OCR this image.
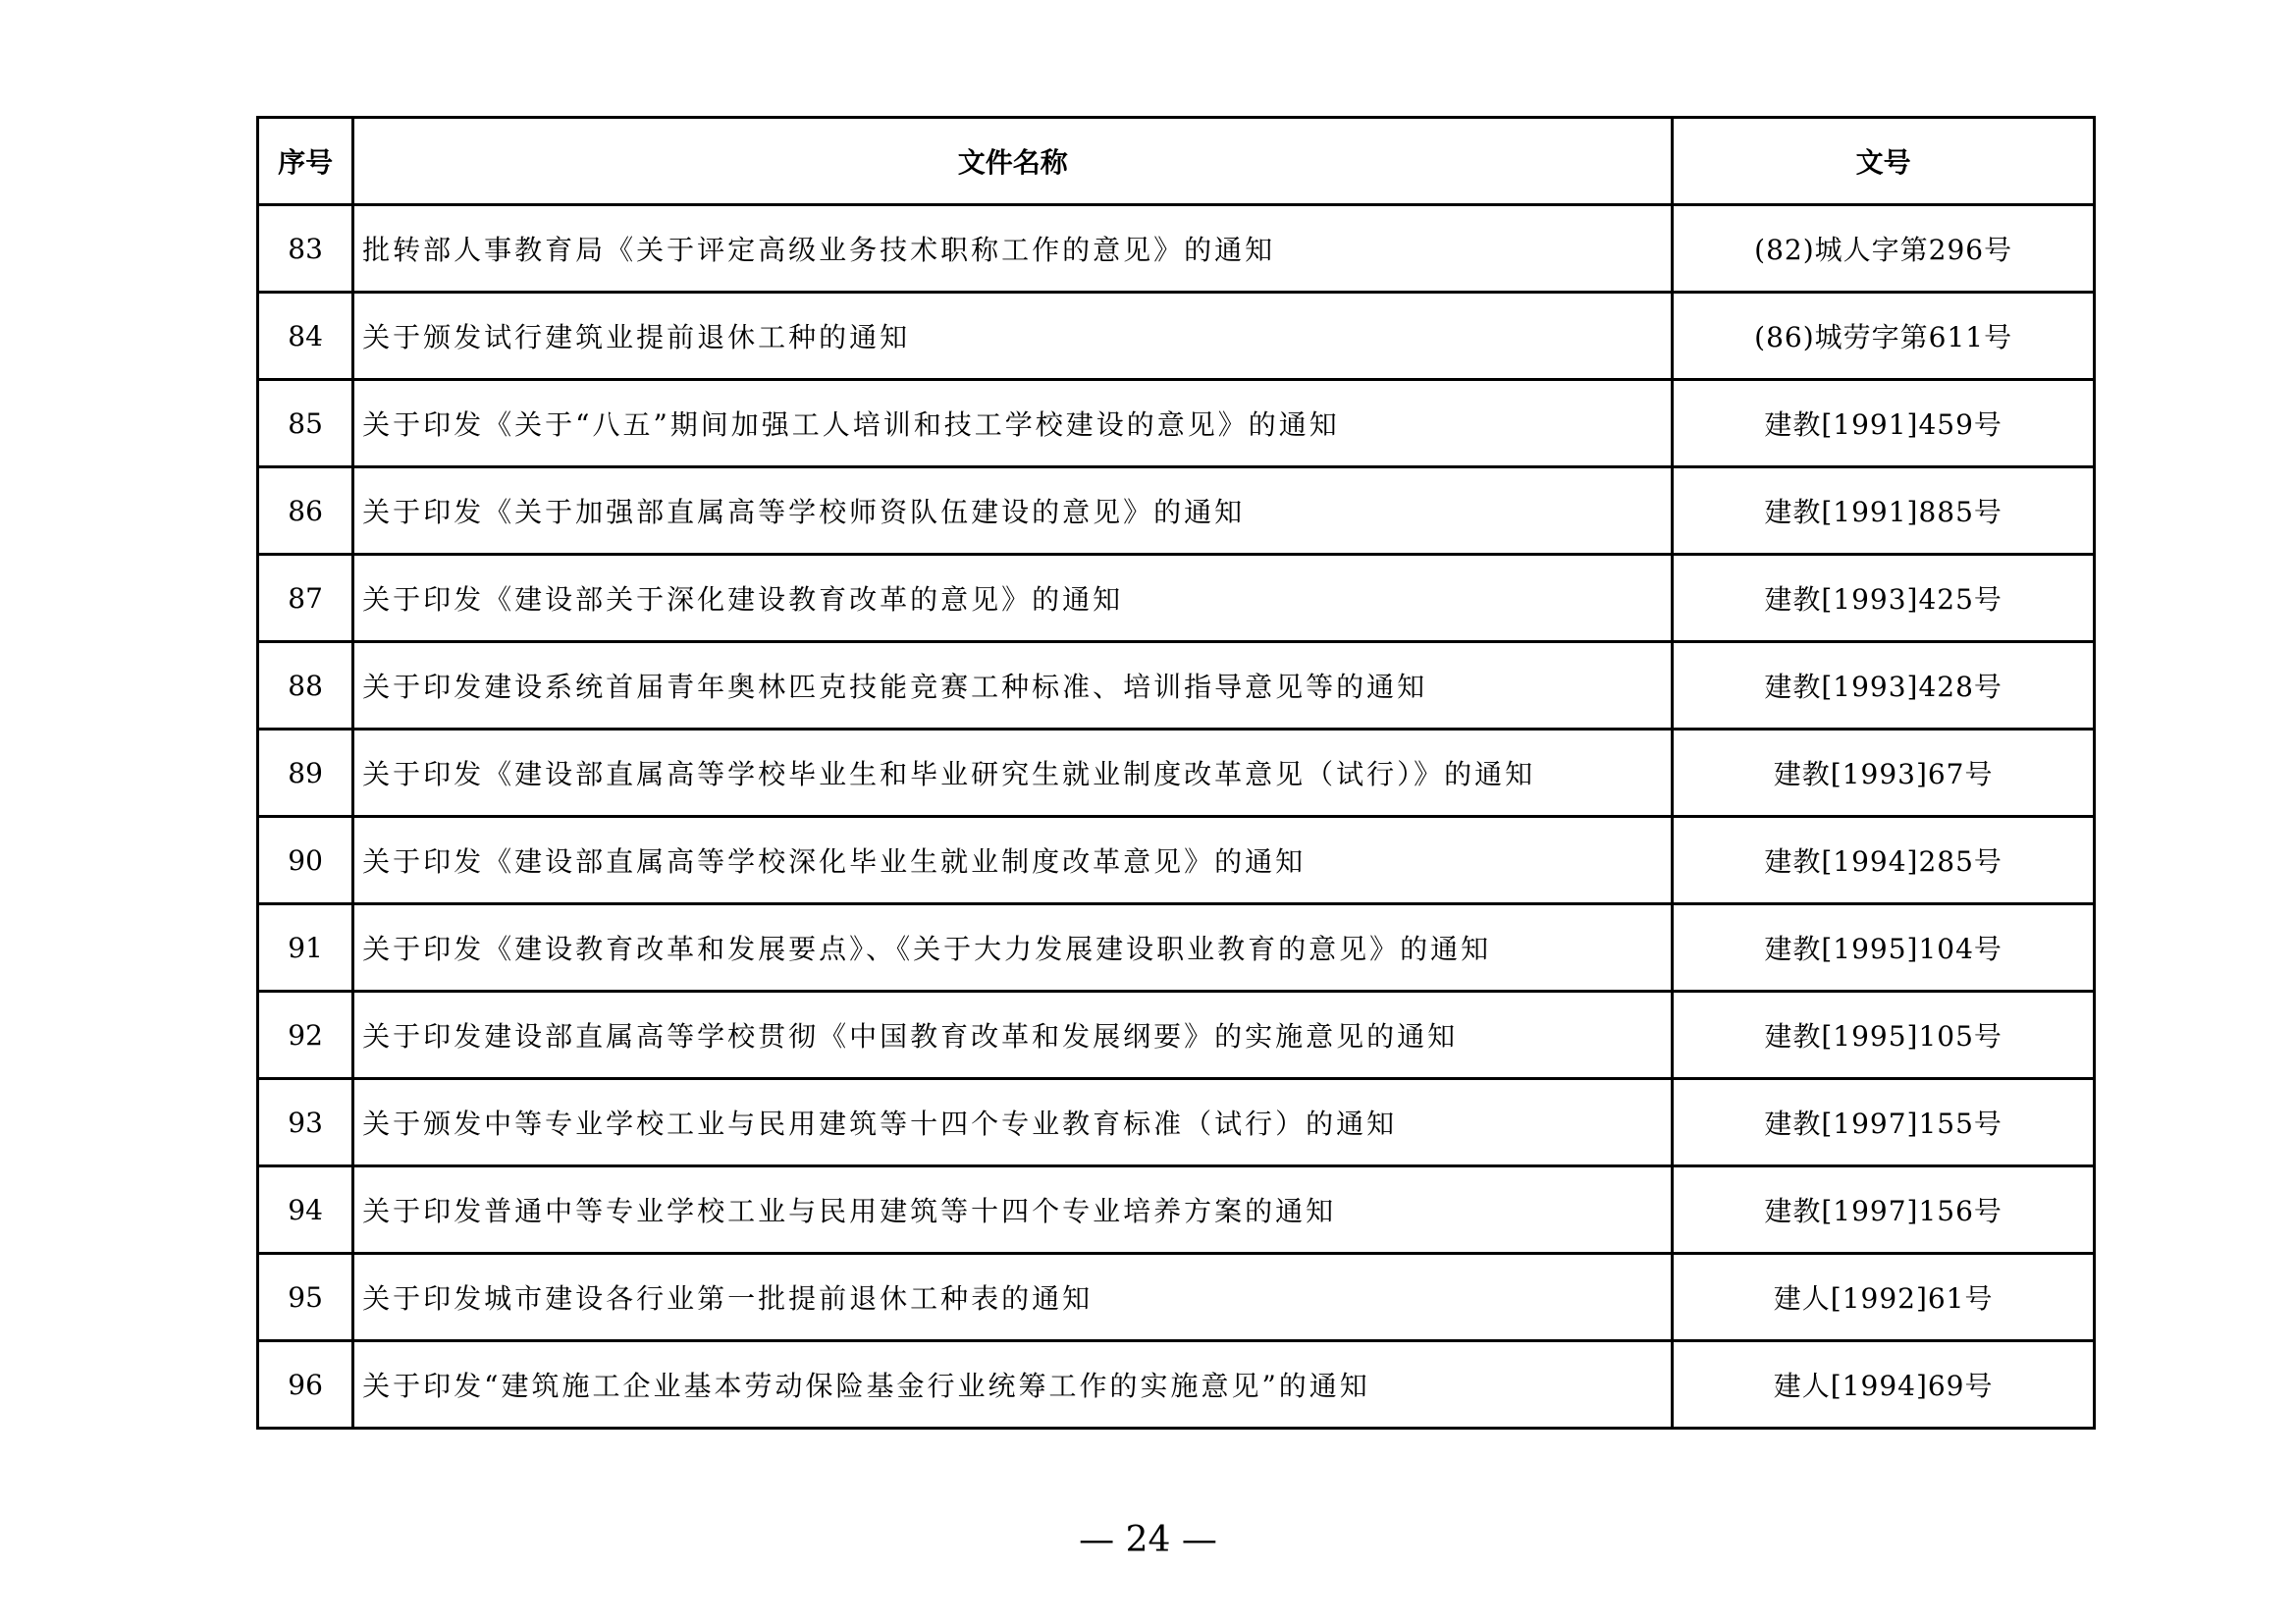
序号	文件名称	文号
83	批转部人事教育局《关于评定高级业务技术职称工作的意见》的通知	(82)城人字第296号
84	关于颁发试行建筑业提前退休工种的通知	(86)城劳字第611号
85	关于印发《关于“八五”期间加强工人培训和技工学校建设的意见》的通知	建教[1991]459号
86	关于印发《关于加强部直属高等学校师资队伍建设的意见》的通知	建教[1991]885号
87	关于印发《建设部关于深化建设教育改革的意见》的通知	建教[1993]425号
88	关于印发建设系统首届青年奥林匹克技能竞赛工种标准、培训指导意见等的通知	建教[1993]428号
89	关于印发《建设部直属高等学校毕业生和毕业研究生就业制度改革意见（试行）》的通知	建教[1993]67号
90	关于印发《建设部直属高等学校深化毕业生就业制度改革意见》的通知	建教[1994]285号
91	关于印发《建设教育改革和发展要点》、《关于大力发展建设职业教育的意见》的通知	建教[1995]104号
92	关于印发建设部直属高等学校贯彻《中国教育改革和发展纲要》的实施意见的通知	建教[1995]105号
93	关于颁发中等专业学校工业与民用建筑等十四个专业教育标准（试行）的通知	建教[1997]155号
94	关于印发普通中等专业学校工业与民用建筑等十四个专业培养方案的通知	建教[1997]156号
95	关于印发城市建设各行业第一批提前退休工种表的通知	建人[1992]61号
96	关于印发“建筑施工企业基本劳动保险基金行业统筹工作的实施意见”的通知	建人[1994]69号
— 24 —
